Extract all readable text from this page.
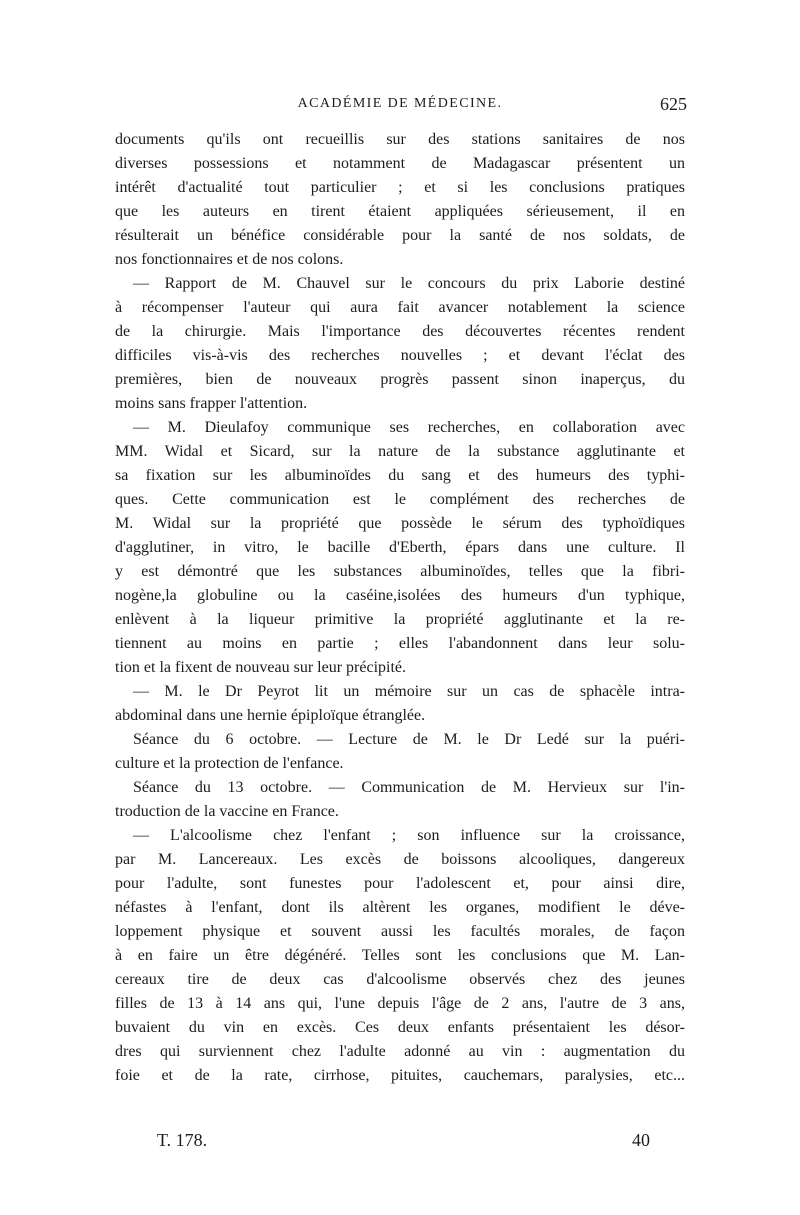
ACADÉMIE DE MÉDECINE.	625
documents qu'ils ont recueillis sur des stations sanitaires de nos
diverses possessions et notamment de Madagascar présentent un
intérêt d'actualité tout particulier ; et si les conclusions pratiques
que les auteurs en tirent étaient appliquées sérieusement, il en
résulterait un bénéfice considérable pour la santé de nos soldats, de
nos fonctionnaires et de nos colons.
— Rapport de M. Chauvel sur le concours du prix Laborie destiné
à récompenser l'auteur qui aura fait avancer notablement la science
de la chirurgie. Mais l'importance des découvertes récentes rendent
difficiles vis-à-vis des recherches nouvelles ; et devant l'éclat des
premières, bien de nouveaux progrès passent sinon inaperçus, du
moins sans frapper l'attention.
— M. Dieulafoy communique ses recherches, en collaboration avec
MM. Widal et Sicard, sur la nature de la substance agglutinante et
sa fixation sur les albuminoïdes du sang et des humeurs des typhi-
ques. Cette communication est le complément des recherches de
M. Widal sur la propriété que possède le sérum des typhoïdiques
d'agglutiner, in vitro, le bacille d'Eberth, épars dans une culture. Il
y est démontré que les substances albuminoïdes, telles que la fibri-
nogène,la globuline ou la caséine,isolées des humeurs d'un typhique,
enlèvent à la liqueur primitive la propriété agglutinante et la re-
tiennent au moins en partie ; elles l'abandonnent dans leur solu-
tion et la fixent de nouveau sur leur précipité.
— M. le Dr Peyrot lit un mémoire sur un cas de sphacèle intra-
abdominal dans une hernie épiploïque étranglée.
Séance du 6 octobre. — Lecture de M. le Dr Ledé sur la puéri-
culture et la protection de l'enfance.
Séance du 13 octobre. — Communication de M. Hervieux sur l'in-
troduction de la vaccine en France.
— L'alcoolisme chez l'enfant ; son influence sur la croissance,
par M. Lancereaux. Les excès de boissons alcooliques, dangereux
pour l'adulte, sont funestes pour l'adolescent et, pour ainsi dire,
néfastes à l'enfant, dont ils altèrent les organes, modifient le déve-
loppement physique et souvent aussi les facultés morales, de façon
à en faire un être dégénéré. Telles sont les conclusions que M. Lan-
cereaux tire de deux cas d'alcoolisme observés chez des jeunes
filles de 13 à 14 ans qui, l'une depuis l'âge de 2 ans, l'autre de 3 ans,
buvaient du vin en excès. Ces deux enfants présentaient les désor-
dres qui surviennent chez l'adulte adonné au vin : augmentation du
foie et de la rate, cirrhose, pituites, cauchemars, paralysies, etc...
T. 178.	40
